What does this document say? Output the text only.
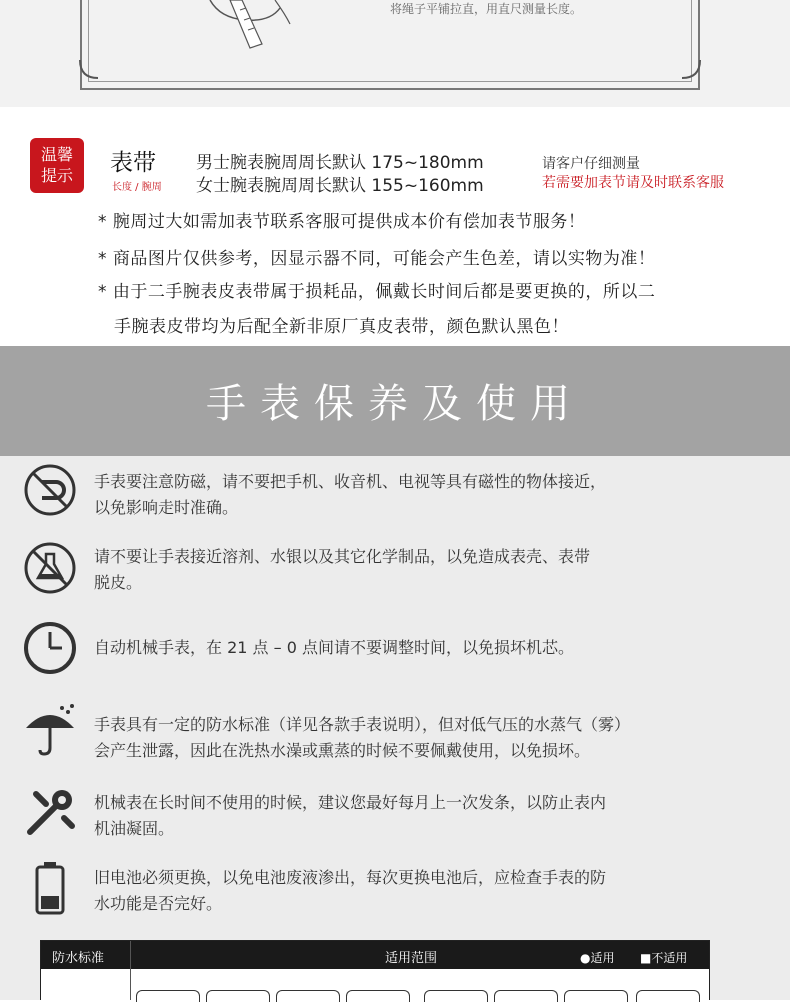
将绳子平铺拉直，用直尺测量长度。
温馨
提示	表带
长度 / 腕周
男士腕表腕周周长默认 175~180mm
女士腕表腕周周长默认 155~160mm
请客户仔细测量
若需要加表节请及时联系客服
* 腕周过大如需加表节联系客服可提供成本价有偿加表节服务！
* 商品图片仅供参考，因显示器不同，可能会产生色差，请以实物为准！
* 由于二手腕表皮表带属于损耗品，佩戴长时间后都是要更换的，所以二
手腕表皮带均为后配全新非原厂真皮表带，颜色默认黑色！
手表保养及使用
手表要注意防磁，请不要把手机、收音机、电视等具有磁性的物体接近，
以免影响走时准确。
请不要让手表接近溶剂、水银以及其它化学制品，以免造成表壳、表带
脱皮。
自动机械手表，在 21 点 – 0 点间请不要调整时间，以免损坏机芯。
手表具有一定的防水标准（详见各款手表说明），但对低气压的水蒸气（雾）
会产生泄露，因此在洗热水澡或熏蒸的时候不要佩戴使用，以免损坏。
机械表在长时间不使用的时候，建议您最好每月上一次发条，以防止表内
机油凝固。
旧电池必须更换，以免电池废液渗出，每次更换电池后，应检查手表的防
水功能是否完好。
防水标准	适用范围	●适用 ■不适用
